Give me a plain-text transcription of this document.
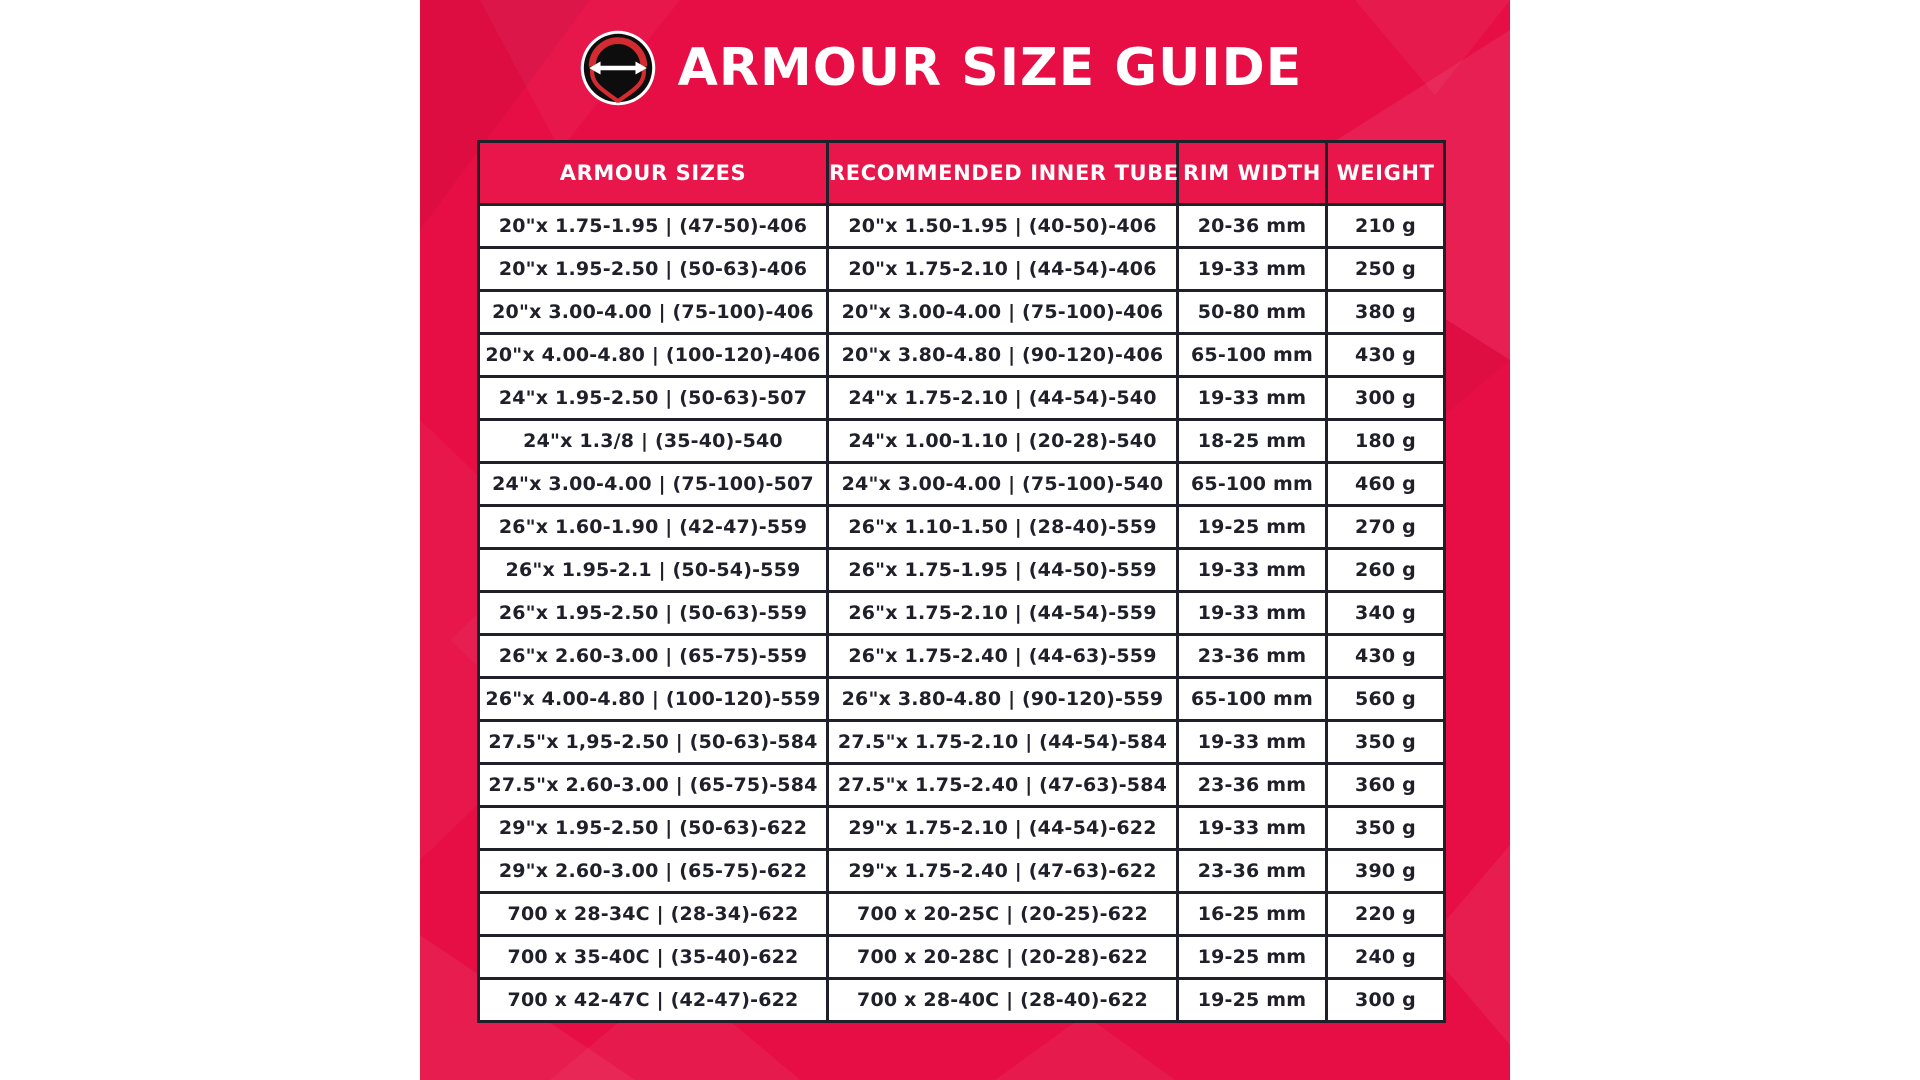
ARMOUR SIZE GUIDE
ARMOUR SIZES	RECOMMENDED INNER TUBE	RIM WIDTH	WEIGHT
20"x 1.75-1.95 | (47-50)-406	20"x 1.50-1.95 | (40-50)-406	20-36 mm	210 g
20"x 1.95-2.50 | (50-63)-406	20"x 1.75-2.10 | (44-54)-406	19-33 mm	250 g
20"x 3.00-4.00 | (75-100)-406	20"x 3.00-4.00 | (75-100)-406	50-80 mm	380 g
20"x 4.00-4.80 | (100-120)-406	20"x 3.80-4.80 | (90-120)-406	65-100 mm	430 g
24"x 1.95-2.50 | (50-63)-507	24"x 1.75-2.10 | (44-54)-540	19-33 mm	300 g
24"x 1.3/8 | (35-40)-540	24"x 1.00-1.10 | (20-28)-540	18-25 mm	180 g
24"x 3.00-4.00 | (75-100)-507	24"x 3.00-4.00 | (75-100)-540	65-100 mm	460 g
26"x 1.60-1.90 | (42-47)-559	26"x 1.10-1.50 | (28-40)-559	19-25 mm	270 g
26"x 1.95-2.1 | (50-54)-559	26"x 1.75-1.95 | (44-50)-559	19-33 mm	260 g
26"x 1.95-2.50 | (50-63)-559	26"x 1.75-2.10 | (44-54)-559	19-33 mm	340 g
26"x 2.60-3.00 | (65-75)-559	26"x 1.75-2.40 | (44-63)-559	23-36 mm	430 g
26"x 4.00-4.80 | (100-120)-559	26"x 3.80-4.80 | (90-120)-559	65-100 mm	560 g
27.5"x 1,95-2.50 | (50-63)-584	27.5"x 1.75-2.10 | (44-54)-584	19-33 mm	350 g
27.5"x 2.60-3.00 | (65-75)-584	27.5"x 1.75-2.40 | (47-63)-584	23-36 mm	360 g
29"x 1.95-2.50 | (50-63)-622	29"x 1.75-2.10 | (44-54)-622	19-33 mm	350 g
29"x 2.60-3.00 | (65-75)-622	29"x 1.75-2.40 | (47-63)-622	23-36 mm	390 g
700 x 28-34C | (28-34)-622	700 x 20-25C | (20-25)-622	16-25 mm	220 g
700 x 35-40C | (35-40)-622	700 x 20-28C | (20-28)-622	19-25 mm	240 g
700 x 42-47C | (42-47)-622	700 x 28-40C | (28-40)-622	19-25 mm	300 g
